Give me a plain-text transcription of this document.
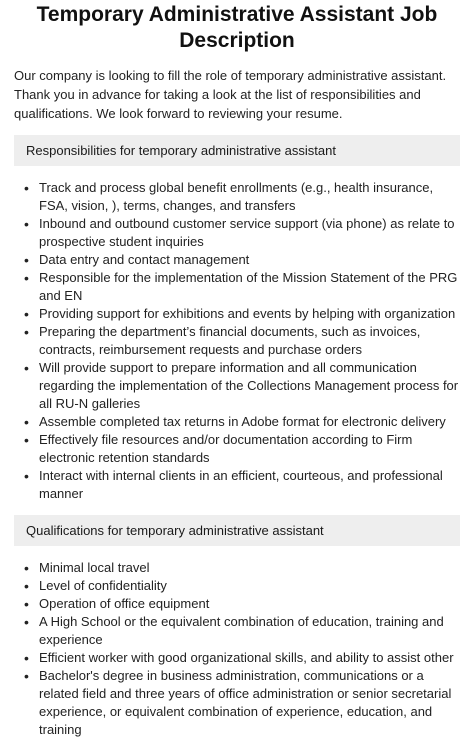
Temporary Administrative Assistant Job Description

Our company is looking to fill the role of temporary administrative assistant. Thank you in advance for taking a look at the list of responsibilities and qualifications. We look forward to reviewing your resume.

Responsibilities for temporary administrative assistant
• Track and process global benefit enrollments (e.g., health insurance, FSA, vision, ), terms, changes, and transfers
• Inbound and outbound customer service support (via phone) as relate to prospective student inquiries
• Data entry and contact management
• Responsible for the implementation of the Mission Statement of the PRG and EN
• Providing support for exhibitions and events by helping with organization
• Preparing the department’s financial documents, such as invoices, contracts, reimbursement requests and purchase orders
• Will provide support to prepare information and all communication regarding the implementation of the Collections Management process for all RU-N galleries
• Assemble completed tax returns in Adobe format for electronic delivery
• Effectively file resources and/or documentation according to Firm electronic retention standards
• Interact with internal clients in an efficient, courteous, and professional manner
Qualifications for temporary administrative assistant
• Minimal local travel
• Level of confidentiality
• Operation of office equipment
• A High School or the equivalent combination of education, training and experience
• Efficient worker with good organizational skills, and ability to assist other
• Bachelor's degree in business administration, communications or a related field and three years of office administration or senior secretarial experience, or equivalent combination of experience, education, and training
